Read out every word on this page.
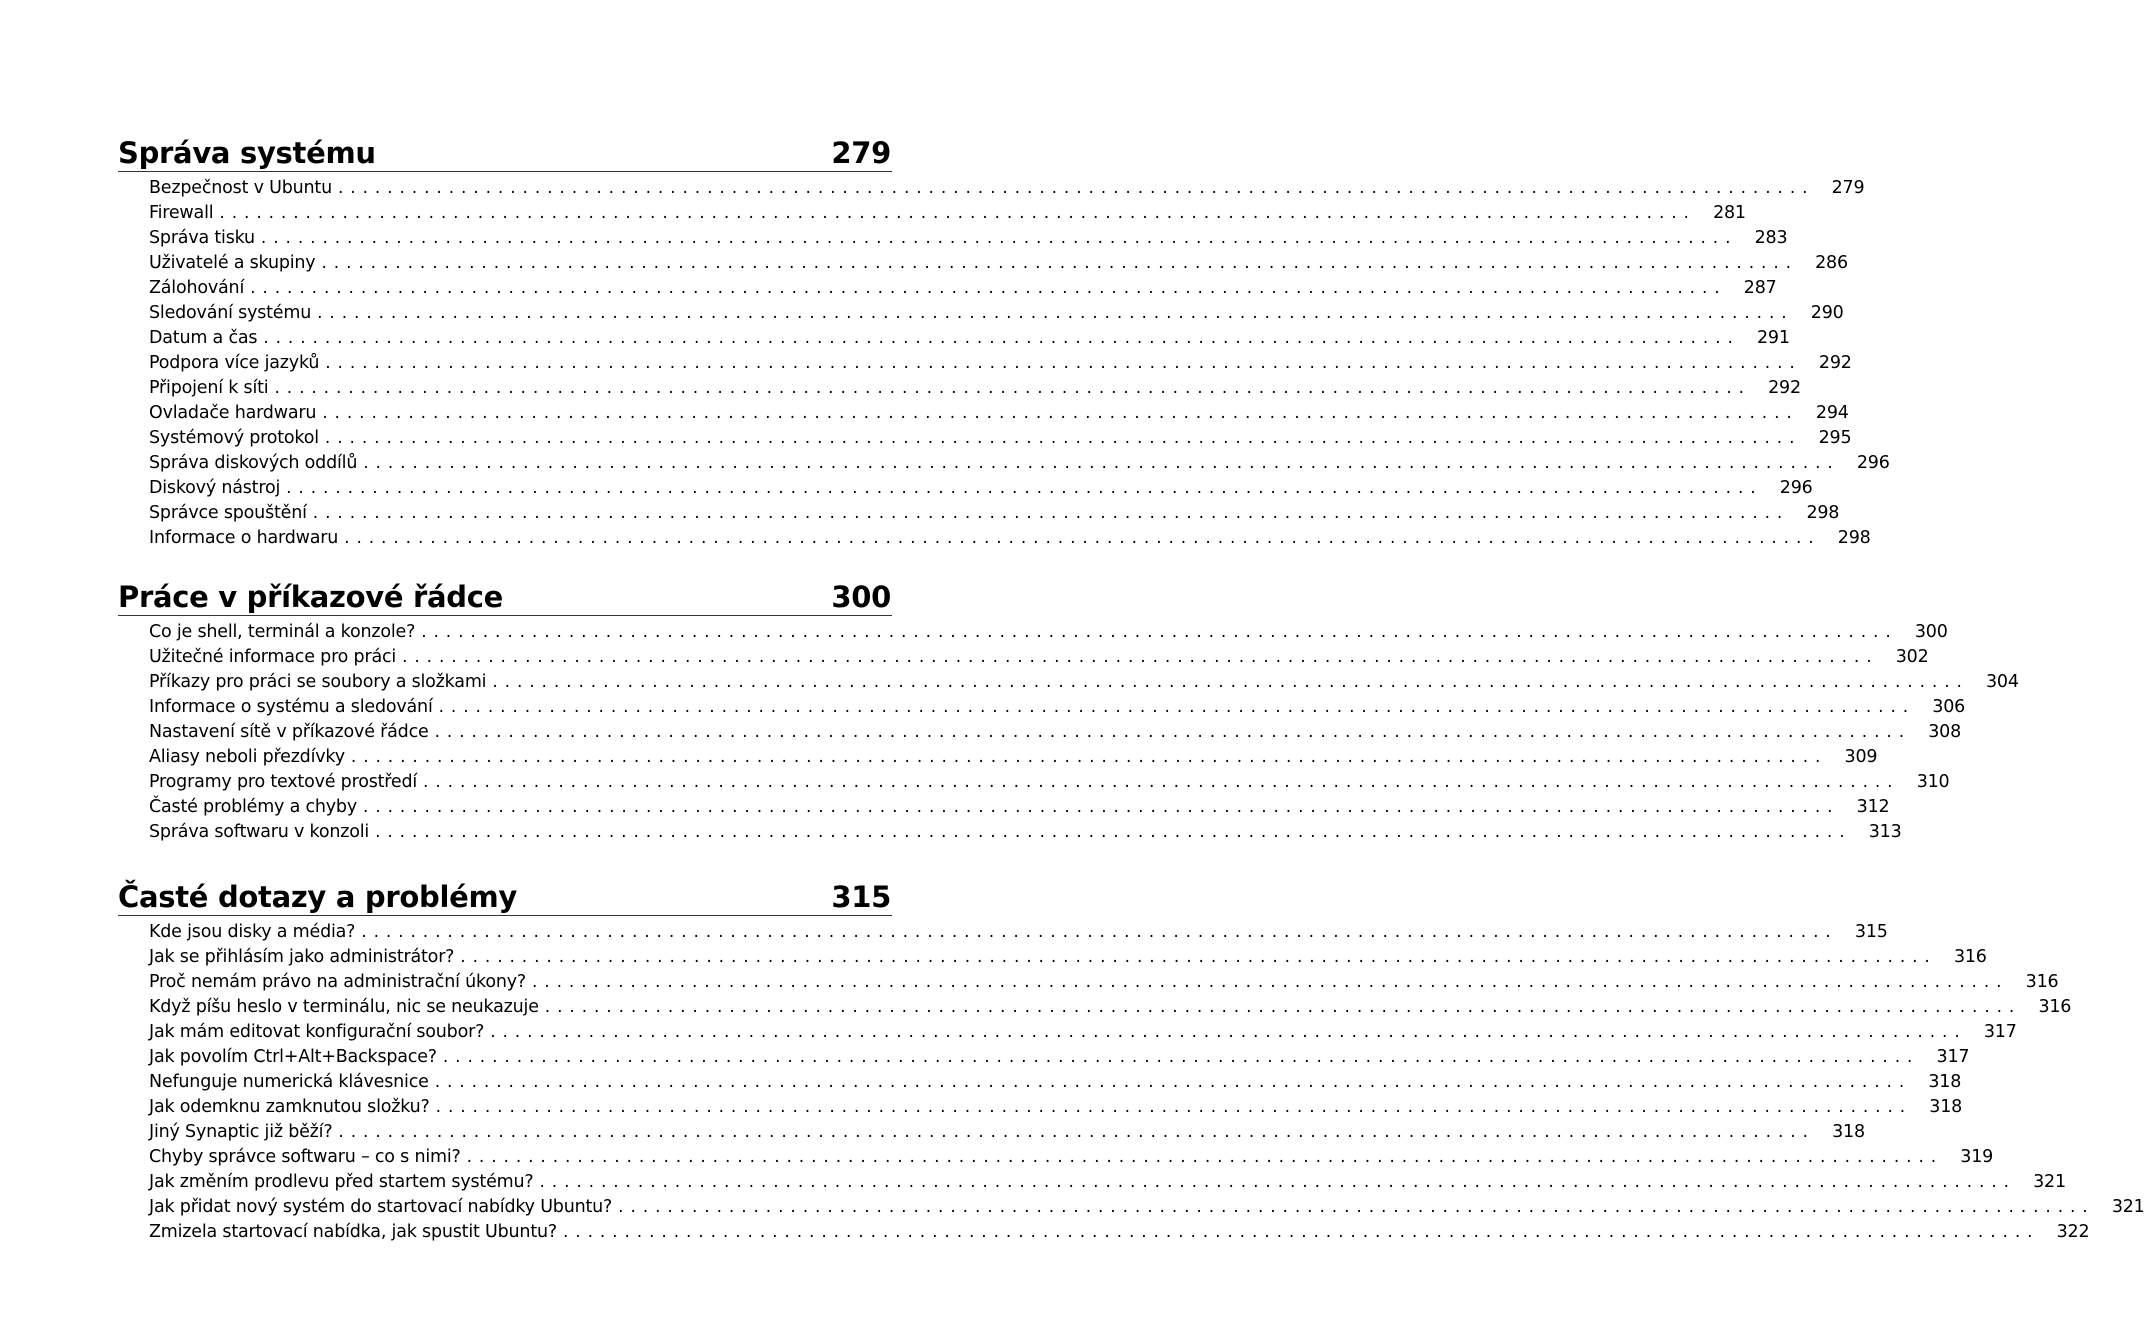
Správa systému	279
Bezpečnost v Ubuntu ........................................................................................................................ 279
Firewall ........................................................................................................................ 281
Správa tisku ........................................................................................................................ 283
Uživatelé a skupiny ........................................................................................................................ 286
Zálohování ........................................................................................................................ 287
Sledování systému ........................................................................................................................ 290
Datum a čas ........................................................................................................................ 291
Podpora více jazyků ........................................................................................................................ 292
Připojení k síti ........................................................................................................................ 292
Ovladače hardwaru ........................................................................................................................ 294
Systémový protokol ........................................................................................................................ 295
Správa diskových oddílů ........................................................................................................................ 296
Diskový nástroj ........................................................................................................................ 296
Správce spouštění ........................................................................................................................ 298
Informace o hardwaru ........................................................................................................................ 298
Práce v příkazové řádce	300
Co je shell, terminál a konzole? ........................................................................................................................ 300
Užitečné informace pro práci ........................................................................................................................ 302
Příkazy pro práci se soubory a složkami ........................................................................................................................ 304
Informace o systému a sledování ........................................................................................................................ 306
Nastavení sítě v příkazové řádce ........................................................................................................................ 308
Aliasy neboli přezdívky ........................................................................................................................ 309
Programy pro textové prostředí ........................................................................................................................ 310
Časté problémy a chyby ........................................................................................................................ 312
Správa softwaru v konzoli ........................................................................................................................ 313
Časté dotazy a problémy	315
Kde jsou disky a média? ........................................................................................................................ 315
Jak se přihlásím jako administrátor? ........................................................................................................................ 316
Proč nemám právo na administrační úkony? ........................................................................................................................ 316
Když píšu heslo v terminálu, nic se neukazuje ........................................................................................................................ 316
Jak mám editovat konfigurační soubor? ........................................................................................................................ 317
Jak povolím Ctrl+Alt+Backspace? ........................................................................................................................ 317
Nefunguje numerická klávesnice ........................................................................................................................ 318
Jak odemknu zamknutou složku? ........................................................................................................................ 318
Jiný Synaptic již běží? ........................................................................................................................ 318
Chyby správce softwaru – co s nimi? ........................................................................................................................ 319
Jak změním prodlevu před startem systému? ........................................................................................................................ 321
Jak přidat nový systém do startovací nabídky Ubuntu? ........................................................................................................................ 321
Zmizela startovací nabídka, jak spustit Ubuntu? ........................................................................................................................ 322
